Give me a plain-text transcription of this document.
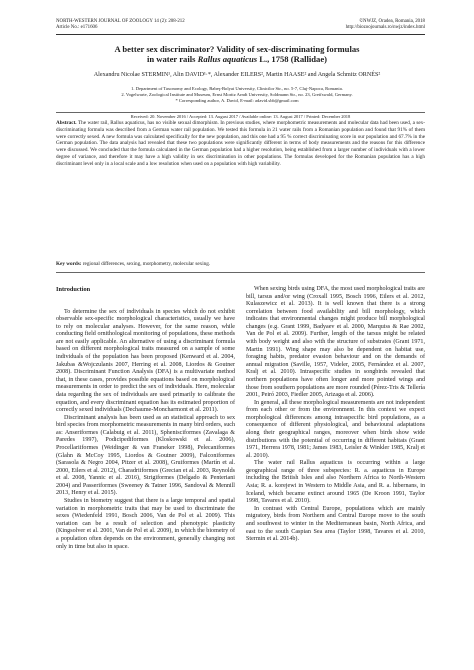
NORTH-WESTERN JOURNAL OF ZOOLOGY 14 (2): 208-212
Article No.: e171606
©NWJZ, Oradea, Romania, 2018
http://biozoojournals.ro/nwjz/index.html
A better sex discriminator? Validity of sex-discriminating formulas
in water rails Rallus aquaticus L., 1758 (Rallidae)
Alexandru Nicolae STERMIN¹, Alin DAVID¹·*, Alexander EILERS², Martin HAASE² and Angela Schmitz ORNÉS²
1. Department of Taxonomy and Ecology, Babeş-Bolyai University, Clinicilor Str., no. 5-7, Cluj-Napoca, Romania.
2. Vogelwarte, Zoological Institute and Museum, Ernst Moritz Arndt University, Soldmann Str., no. 23, Greifswald, Germany.
* Corresponding author, A. David, E-mail: adavid.sbb@gmail.com
Received: 20. November 2016 / Accepted: 13. August 2017 / Available online: 13. August 2017 / Printed: December 2018
Abstract. The water rail, Rallus aquaticus, has no visible sexual dimorphism. In previous studies, where morphometric measurements and molecular data had been used, a sex-discriminating formula was described from a German water rail population. We tested this formula in 21 water rails from a Romanian population and found that 91% of them were correctly sexed. A new formula was calculated specifically for the new population, and this one had a 95 % correct discriminating score in our population and 67.7% in the German population. The data analysis had revealed that these two populations were significantly different in terms of body measurements and the reasons for this difference were discussed. We concluded that the formula calculated in the German population had a higher resolution, being established from a larger number of individuals with a lower degree of variance, and therefore it may have a high validity in sex discrimination in other populations. The formulas developed for the Romanian population has a high discriminant level only in a local scale and a low resolution when used on a population with high variability.
Key words: regional differences, sexing, morphometry, molecular sexing.

Introduction

To determine the sex of individuals in species which do not exhibit observable sex-specific morphological characteristics, usually we have to rely on molecular analyses. However, for the same reason, while conducting field ornithological monitoring of populations, these methods are not easily applicable. An alternative of using a discriminant formula based on different morphological traits measured on a sample of some individuals of the population has been proposed (Kenward et al. 2004, Jakubas &Wojczulanis 2007, Herring et al. 2008, Liordos & Goutner 2008). Discriminant Function Analysis (DFA) is a multivariate method that, in these cases, provides possible equations based on morphological measurements in order to predict the sex of individuals. Here, molecular data regarding the sex of individuals are used primarily to calibrate the equation, and every discriminant equation has its estimated proportion of correctly sexed individuals (Dechaume-Moncharmont et al. 2011).

Discriminant analysis has been used as an statistical approach to sex bird species from morphometric measurements in many bird orders, such as: Anseriformes (Calabuig et al. 2011), Sphenisciformes (Zavalaga & Paredes 1997), Podicipediformes (Kloskowski et al. 2006), Procellariiformes (Weidinger & van Franeker 1998), Pelecaniformes (Glahn & McCoy 1995, Liordos & Goutner 2009), Falconiformes (Sarasola & Negro 2004, Pitzer et al. 2008), Gruiformes (Martín et al. 2000, Eilers et al. 2012), Charadriiformes (Grecian et al. 2003, Reynolds et al. 2008, Yannic et al. 2016), Strigiformes (Delgado & Penteriani 2004) and Passeriformes (Sweeney & Tatner 1996, Sandoval & Mennill 2013, Henry et al. 2015).

Studies in biometry suggest that there is a large temporal and spatial variation in morphometric traits that may be used to discriminate the sexes (Wiedenfeld 1991, Bosch 2006, Van de Pol et al. 2009). This variation can be a result of selection and phenotypic plasticity (Kingsolver et al. 2001, Van de Pol et al. 2009), in which the biometry of a population often depends on the environment, generally changing not only in time but also in space.

When sexing birds using DFA, the most used morphological traits are bill, tarsus and/or wing (Croxall 1995, Bosch 1996, Eilers et al. 2012, Kulaszewicz et al. 2013). It is well known that there is a strong correlation between food availability and bill morphology, which indicates that environmental changes might produce bill morphological changes (e.g. Grant 1999, Badyaev et al. 2000, Marquiss & Rae 2002, Van de Pol et al. 2009). Further, length of the tarsus might be related with body weight and also with the structure of substrates (Grant 1971, Martin 1991). Wing shape may also be dependent on habitat use, foraging habits, predator evasion behaviour and on the demands of annual migration (Saville, 1957, Videler, 2005, Fernández et al. 2007, Kralj et al. 2010). Intraspecific studies in songbirds revealed that northern populations have often longer and more pointed wings and those from southern populations are more rounded (Pérez-Tris & Tellería 2001, Peiró 2003, Fiedler 2005, Arizaga et al. 2006).

In general, all these morphological measurements are not independent from each other or from the environment. In this context we expect morphological differences among intraspecific bird populations, as a consequence of different physiological, and behavioural adaptations along their geographical ranges, moreover when birds show wide distributions with the potential of occurring in different habitats (Grant 1971, Herrera 1978, 1981; James 1983, Leisler & Winkler 1985, Kralj et al. 2010).

The water rail Rallus aquaticus is occurring within a large geographical range of three subspecies: R. a. aquaticus in Europe including the British Isles and also Northern Africa to North-Western Asia; R. a. korejewi in Western to Middle Asia, and R. a. hibernans, in Iceland, which became extinct around 1965 (De Kroon 1991, Taylor 1998, Tavares et al. 2010).

In contrast with Central Europe, populations which are mainly migratory, birds from Northern and Central Europe move to the south and southwest to winter in the Mediterranean basin, North Africa, and east to the south Caspian Sea area (Taylor 1998, Tavares et al. 2010, Stermin et al. 2014b).
